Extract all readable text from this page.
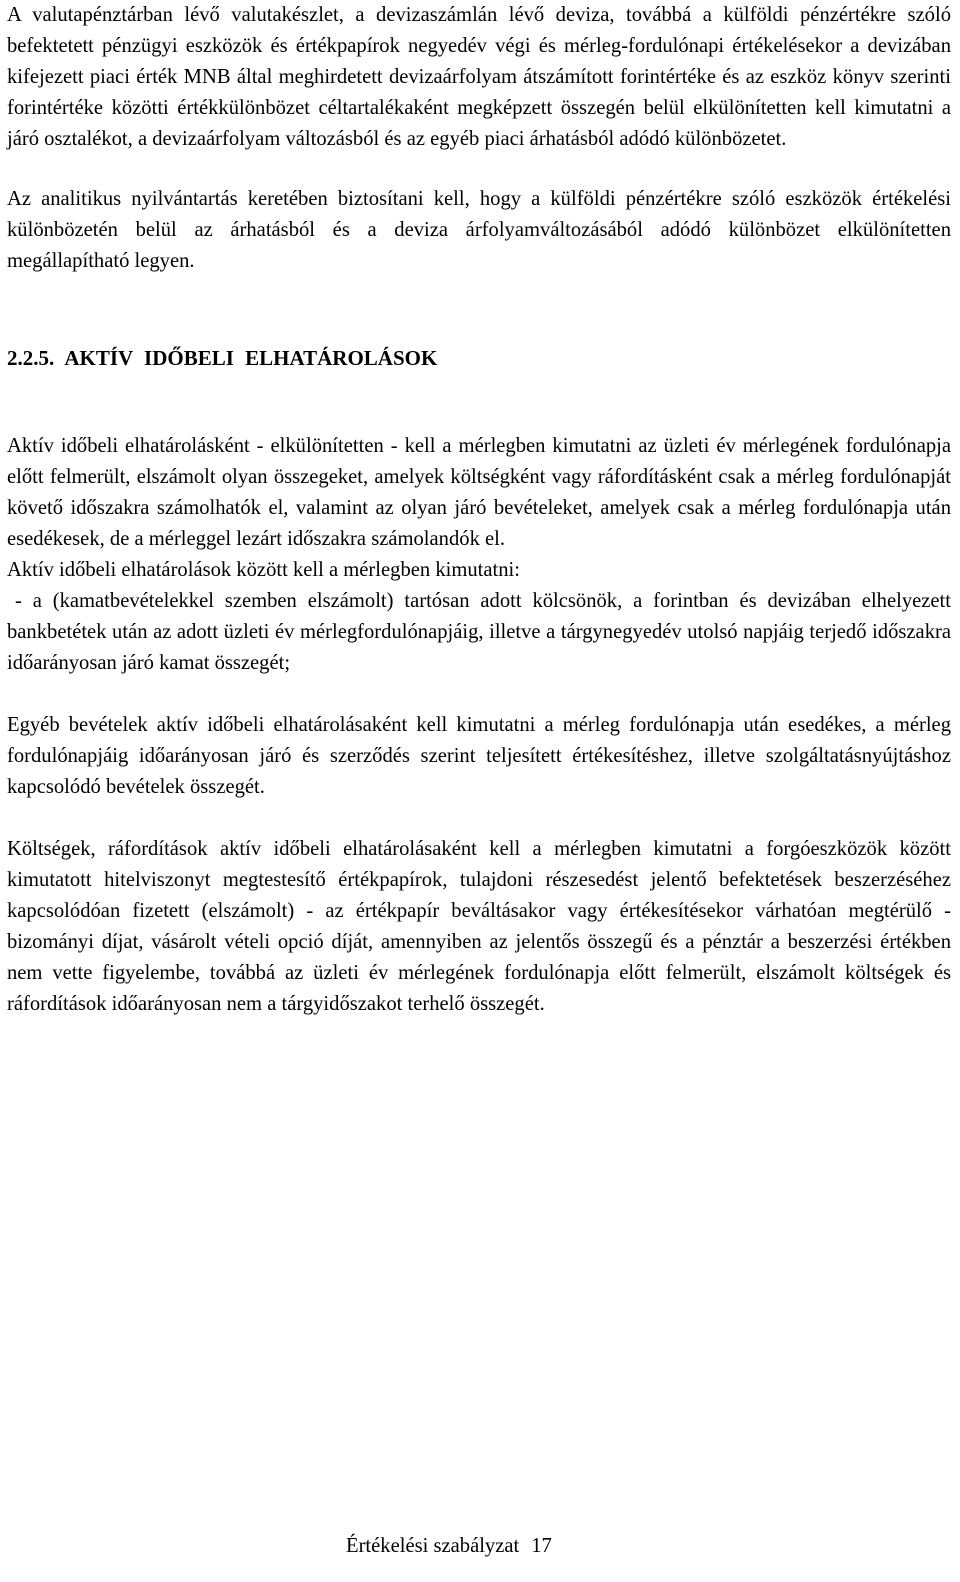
A valutapénztárban lévő valutakészlet, a devizaszámlán lévő deviza, továbbá a külföldi pénzértékre szóló befektetett pénzügyi eszközök és értékpapírok negyedév végi és mérleg-fordulónapi értékelésekor a devizában kifejezett piaci érték MNB által meghirdetett devizaárfolyam átszámított forintértéke és az eszköz könyv szerinti forintértéke közötti értékkülönbözet céltartalékaként megképzett összegén belül elkülönítetten kell kimutatni a járó osztalékot, a devizaárfolyam változásból és az egyéb piaci árhatásból adódó különbözetet.

Az analitikus nyilvántartás keretében biztosítani kell, hogy a külföldi pénzértékre szóló eszközök értékelési különbözetén belül az árhatásból és a deviza árfolyamváltozásából adódó különbözet elkülönítetten megállapítható legyen.

2.2.5. AKTÍV IDŐBELI ELHATÁROLÁSOK

Aktív időbeli elhatárolásként - elkülönítetten - kell a mérlegben kimutatni az üzleti év mérlegének fordulónapja előtt felmerült, elszámolt olyan összegeket, amelyek költségként vagy ráfordításként csak a mérleg fordulónapját követő időszakra számolhatók el, valamint az olyan járó bevételeket, amelyek csak a mérleg fordulónapja után esedékesek, de a mérleggel lezárt időszakra számolandók el.

Aktív időbeli elhatárolások között kell a mérlegben kimutatni:

- a (kamatbevételekkel szemben elszámolt) tartósan adott kölcsönök, a forintban és devizában elhelyezett bankbetétek után az adott üzleti év mérlegfordulónapjáig, illetve a tárgynegyedév utolsó napjáig terjedő időszakra időarányosan járó kamat összegét;

Egyéb bevételek aktív időbeli elhatárolásaként kell kimutatni a mérleg fordulónapja után esedékes, a mérleg fordulónapjáig időarányosan járó és szerződés szerint teljesített értékesítéshez, illetve szolgáltatásnyújtáshoz kapcsolódó bevételek összegét.

Költségek, ráfordítások aktív időbeli elhatárolásaként kell a mérlegben kimutatni a forgóeszközök között kimutatott hitelviszonyt megtestesítő értékpapírok, tulajdoni részesedést jelentő befektetések beszerzéséhez kapcsolódóan fizetett (elszámolt) - az értékpapír beváltásakor vagy értékesítésekor várhatóan megtérülő - bizományi díjat, vásárolt vételi opció díját, amennyiben az jelentős összegű és a pénztár a beszerzési értékben nem vette figyelembe, továbbá az üzleti év mérlegének fordulónapja előtt felmerült, elszámolt költségek és ráfordítások időarányosan nem a tárgyidőszakot terhelő összegét.

Értékelési szabályzat 17
